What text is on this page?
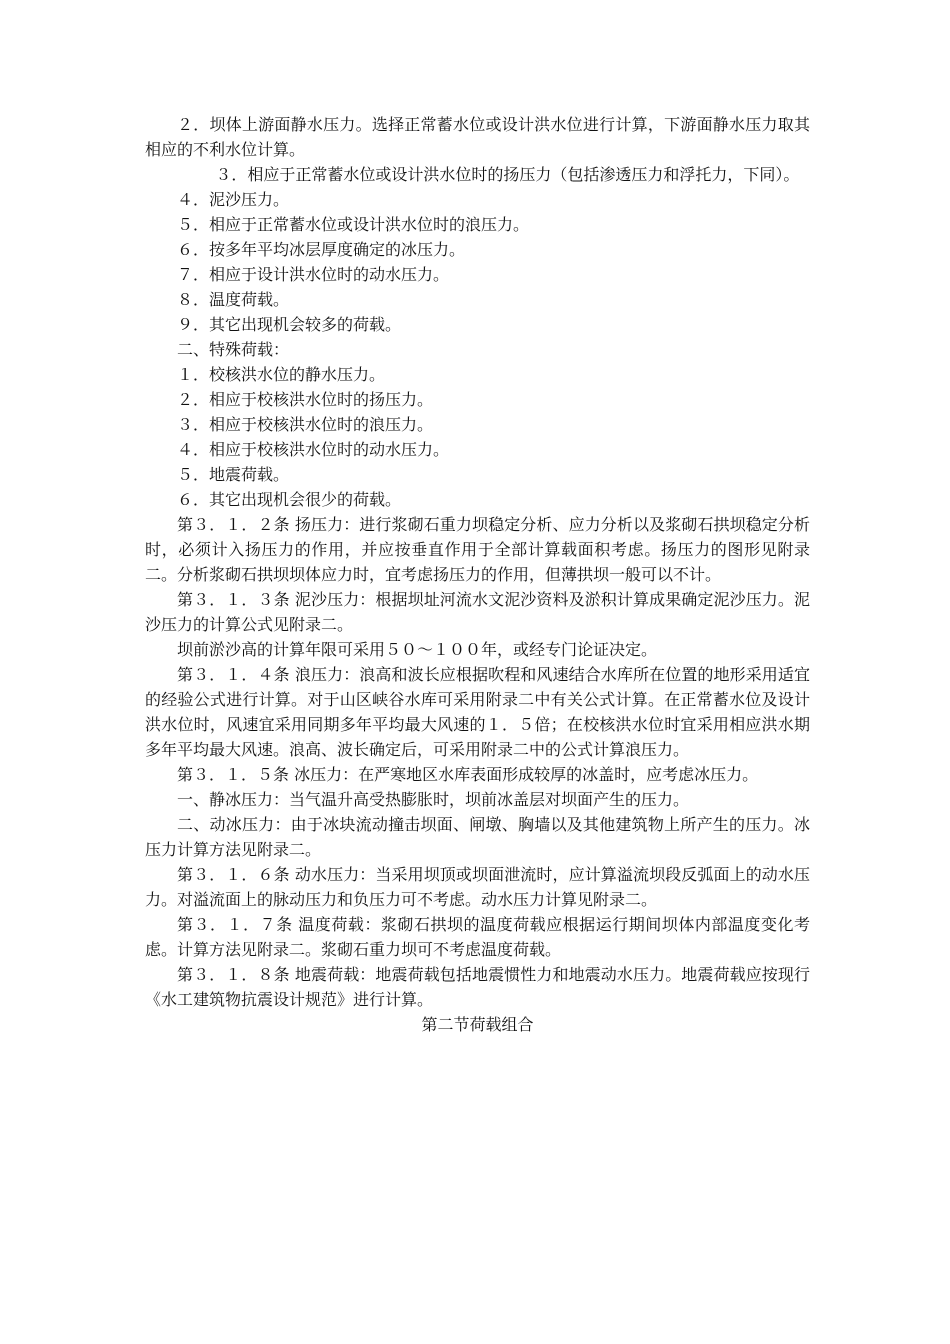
２．坝体上游面静水压力。选择正常蓄水位或设计洪水位进行计算，下游面静水压力取其相应的不利水位计算。

３．相应于正常蓄水位或设计洪水位时的扬压力（包括渗透压力和浮托力，下同）。

４．泥沙压力。

５．相应于正常蓄水位或设计洪水位时的浪压力。

６．按多年平均冰层厚度确定的冰压力。

７．相应于设计洪水位时的动水压力。

８．温度荷载。

９．其它出现机会较多的荷载。

二、特殊荷载：

１．校核洪水位的静水压力。

２．相应于校核洪水位时的扬压力。

３．相应于校核洪水位时的浪压力。

４．相应于校核洪水位时的动水压力。

５．地震荷载。

６．其它出现机会很少的荷载。

第３．１．２条 扬压力：进行浆砌石重力坝稳定分析、应力分析以及浆砌石拱坝稳定分析时，必须计入扬压力的作用，并应按垂直作用于全部计算载面积考虑。扬压力的图形见附录二。分析浆砌石拱坝坝体应力时，宜考虑扬压力的作用，但薄拱坝一般可以不计。

第３．１．３条 泥沙压力：根据坝址河流水文泥沙资料及淤积计算成果确定泥沙压力。泥沙压力的计算公式见附录二。

坝前淤沙高的计算年限可采用５０～１００年，或经专门论证决定。

第３．１．４条 浪压力：浪高和波长应根据吹程和风速结合水库所在位置的地形采用适宜的经验公式进行计算。对于山区峡谷水库可采用附录二中有关公式计算。在正常蓄水位及设计洪水位时，风速宜采用同期多年平均最大风速的１．５倍；在校核洪水位时宜采用相应洪水期多年平均最大风速。浪高、波长确定后，可采用附录二中的公式计算浪压力。

第３．１．５条 冰压力：在严寒地区水库表面形成较厚的冰盖时，应考虑冰压力。

一、静冰压力：当气温升高受热膨胀时，坝前冰盖层对坝面产生的压力。

二、动冰压力：由于冰块流动撞击坝面、闸墩、胸墙以及其他建筑物上所产生的压力。冰压力计算方法见附录二。

第３．１．６条 动水压力：当采用坝顶或坝面泄流时，应计算溢流坝段反弧面上的动水压力。对溢流面上的脉动压力和负压力可不考虑。动水压力计算见附录二。

第３．１．７条 温度荷载：浆砌石拱坝的温度荷载应根据运行期间坝体内部温度变化考虑。计算方法见附录二。浆砌石重力坝可不考虑温度荷载。

第３．１．８条 地震荷载：地震荷载包括地震惯性力和地震动水压力。地震荷载应按现行《水工建筑物抗震设计规范》进行计算。

第二节荷载组合
